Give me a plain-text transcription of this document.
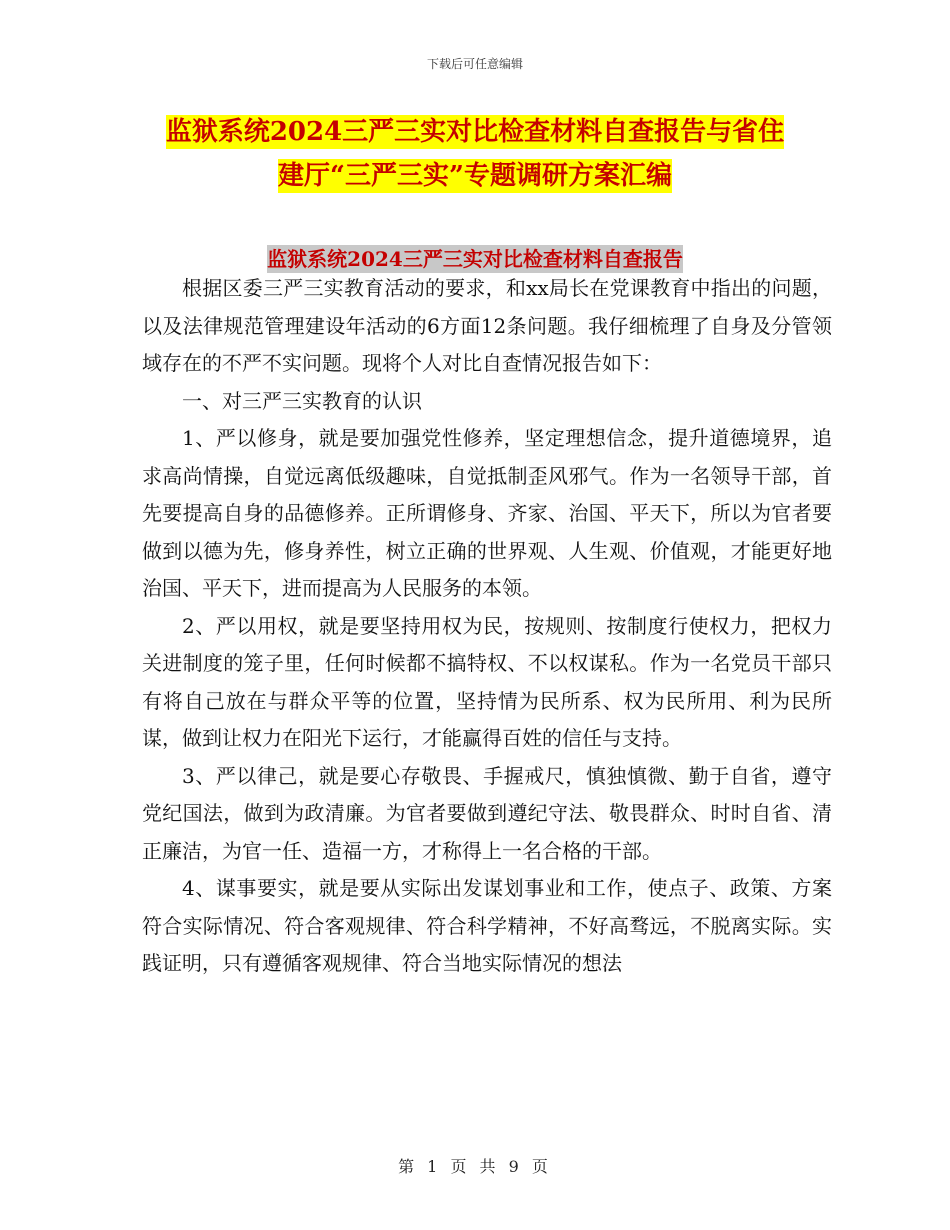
下载后可任意编辑
监狱系统2024三严三实对比检查材料自查报告与省住
建厅“三严三实”专题调研方案汇编
监狱系统2024三严三实对比检查材料自查报告

根据区委三严三实教育活动的要求，和xx局长在党课教育中指出的问题，以及法律规范管理建设年活动的6方面12条问题。我仔细梳理了自身及分管领域存在的不严不实问题。现将个人对比自查情况报告如下：

一、对三严三实教育的认识

1、严以修身，就是要加强党性修养，坚定理想信念，提升道德境界，追求高尚情操，自觉远离低级趣味，自觉抵制歪风邪气。作为一名领导干部，首先要提高自身的品德修养。正所谓修身、齐家、治国、平天下，所以为官者要做到以德为先，修身养性，树立正确的世界观、人生观、价值观，才能更好地治国、平天下，进而提高为人民服务的本领。

2、严以用权，就是要坚持用权为民，按规则、按制度行使权力，把权力关进制度的笼子里，任何时候都不搞特权、不以权谋私。作为一名党员干部只有将自己放在与群众平等的位置，坚持情为民所系、权为民所用、利为民所谋，做到让权力在阳光下运行，才能赢得百姓的信任与支持。

3、严以律己，就是要心存敬畏、手握戒尺，慎独慎微、勤于自省，遵守党纪国法，做到为政清廉。为官者要做到遵纪守法、敬畏群众、时时自省、清正廉洁，为官一任、造福一方，才称得上一名合格的干部。

4、谋事要实，就是要从实际出发谋划事业和工作，使点子、政策、方案符合实际情况、符合客观规律、符合科学精神，不好高骛远，不脱离实际。实践证明，只有遵循客观规律、符合当地实际情况的想法

第 1 页 共 9 页
